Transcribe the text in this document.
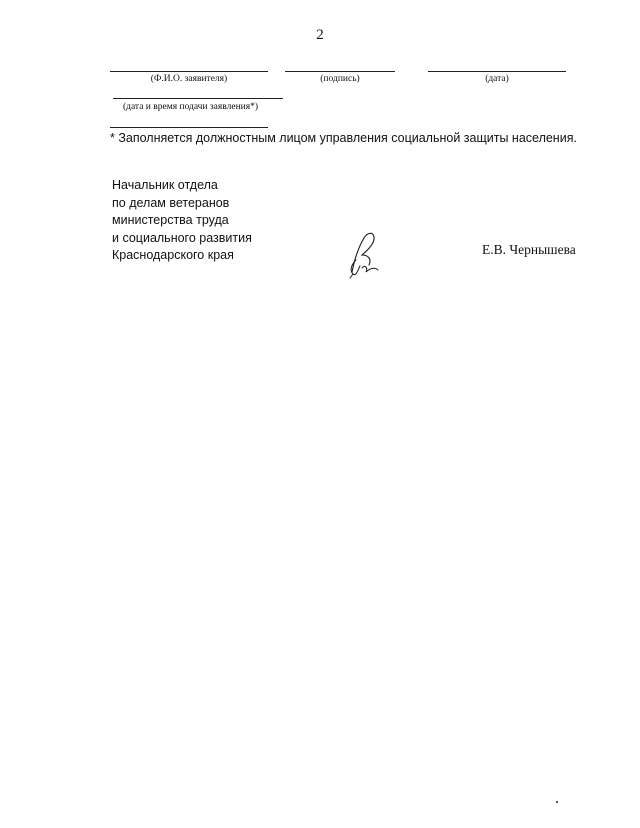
2
(Ф.И.О. заявителя)	(подпись)	(дата)
(дата и время подачи заявления*)
* Заполняется должностным лицом управления социальной защиты населения.
Начальник отдела
по делам ветеранов
министерства труда
и социального развития
Краснодарского края	Е.В. Чернышева
